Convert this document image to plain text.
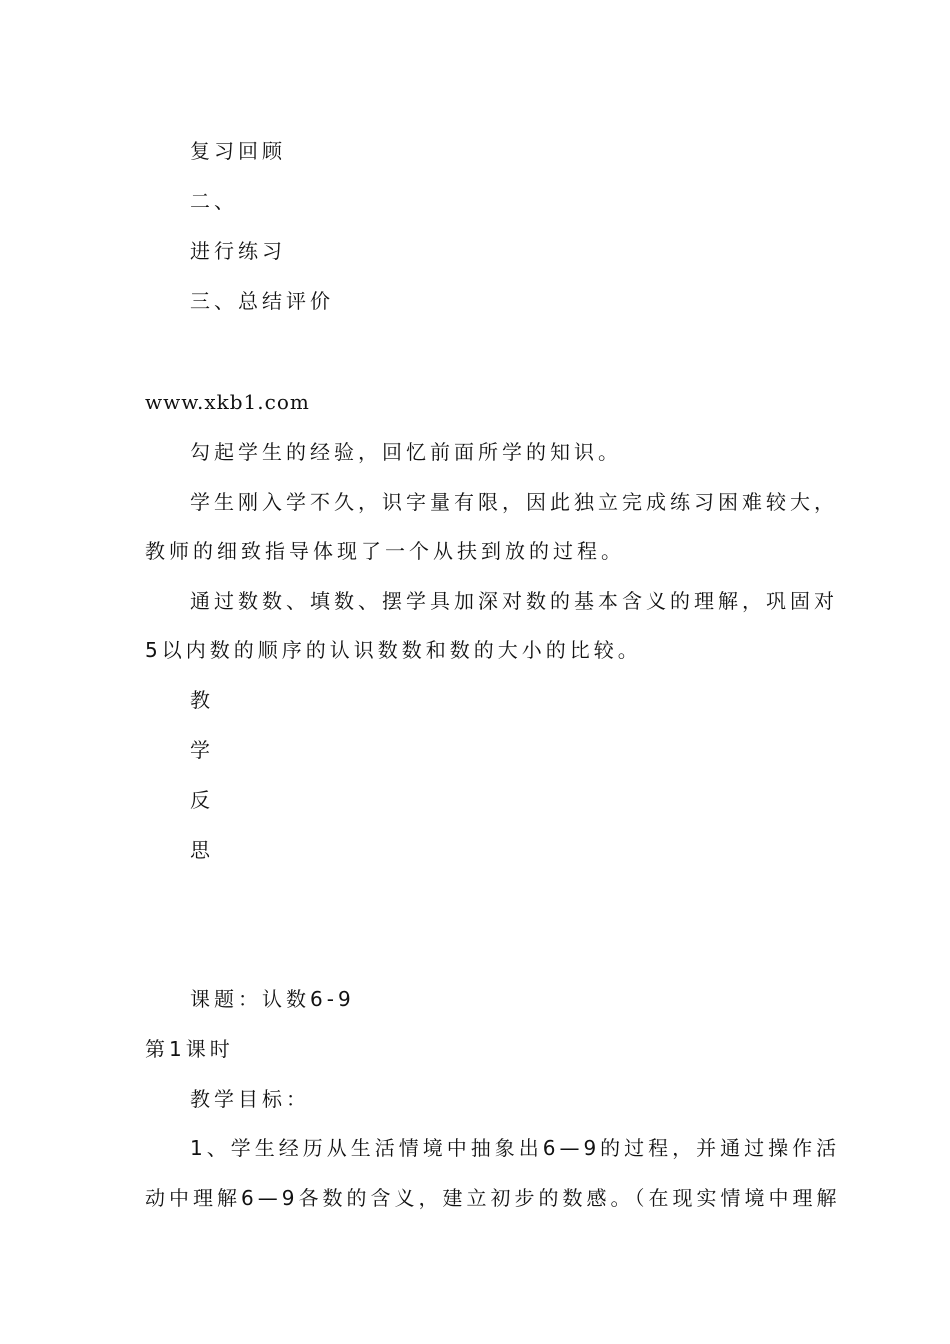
复习回顾
二、
进行练习
三、总结评价
www.xkb1.com
勾起学生的经验，回忆前面所学的知识。
学生刚入学不久，识字量有限，因此独立完成练习困难较大，
教师的细致指导体现了一个从扶到放的过程。
通过数数、填数、摆学具加深对数的基本含义的理解，巩固对
5以内数的顺序的认识数数和数的大小的比较。
教
学
反
思
课题：认数6-9
第1课时
教学目标：
1、学生经历从生活情境中抽象出6—9的过程，并通过操作活
动中理解6—9各数的含义，建立初步的数感。（在现实情境中理解
